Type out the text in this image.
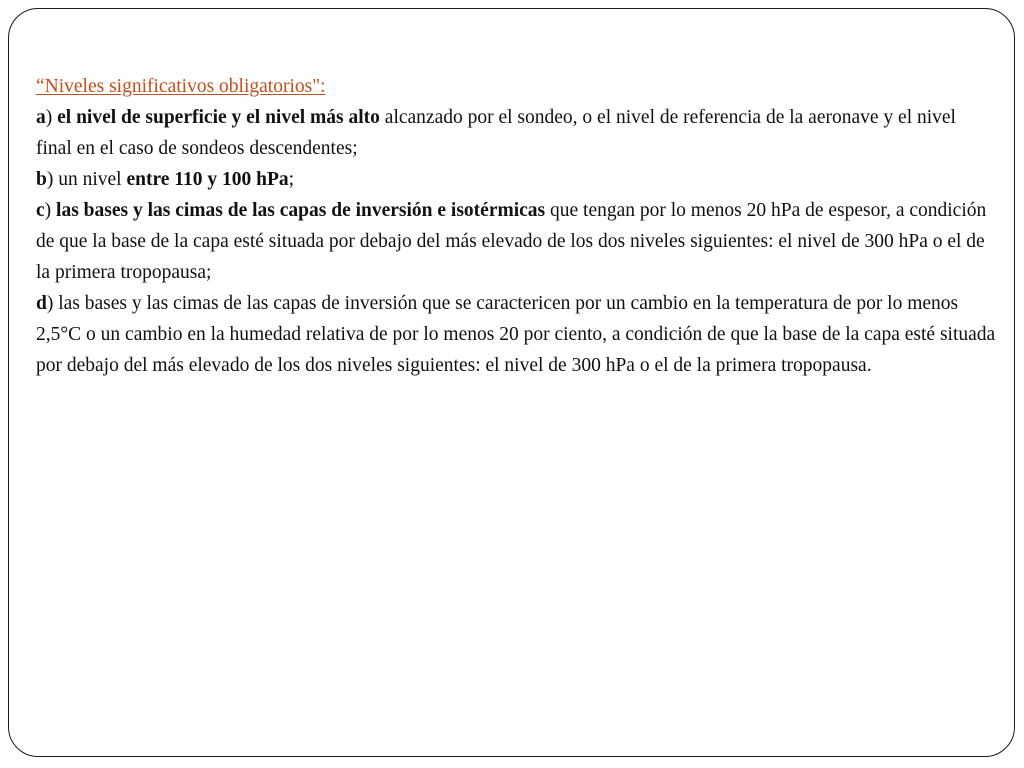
“Niveles significativos obligatorios":

a) el nivel de superficie y el nivel más alto alcanzado por el sondeo, o el nivel de referencia de la aeronave y el nivel final en el caso de sondeos descendentes;

b) un nivel entre 110 y 100 hPa;

c) las bases y las cimas de las capas de inversión e isotérmicas que tengan por lo menos 20 hPa de espesor, a condición de que la base de la capa esté situada por debajo del más elevado de los dos niveles siguientes: el nivel de 300 hPa o el de la primera tropopausa;

d) las bases y las cimas de las capas de inversión que se caractericen por un cambio en la temperatura de por lo menos 2,5°C o un cambio en la humedad relativa de por lo menos 20 por ciento, a condición de que la base de la capa esté situada por debajo del más elevado de los dos niveles siguientes: el nivel de 300 hPa o el de la primera tropopausa.
